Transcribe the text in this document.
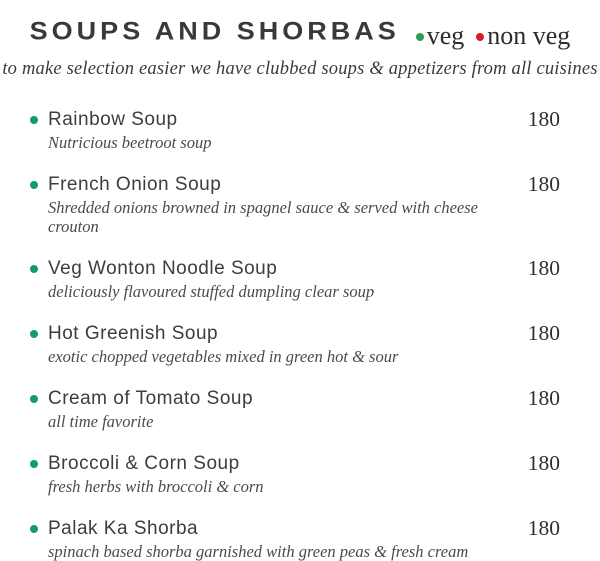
SOUPS AND SHORBAS veg non veg
to make selection easier we have clubbed soups & appetizers from all cuisines
Rainbow Soup
Nutricious beetroot soup
180
French Onion Soup
Shredded onions browned in spagnel sauce & served with cheese crouton
180
Veg Wonton Noodle Soup
deliciously flavoured stuffed dumpling clear soup
180
Hot Greenish Soup
exotic chopped vegetables mixed in green hot & sour
180
Cream of Tomato Soup
all time favorite
180
Broccoli & Corn Soup
fresh herbs with broccoli & corn
180
Palak Ka Shorba
spinach based shorba garnished with green peas & fresh cream
180
